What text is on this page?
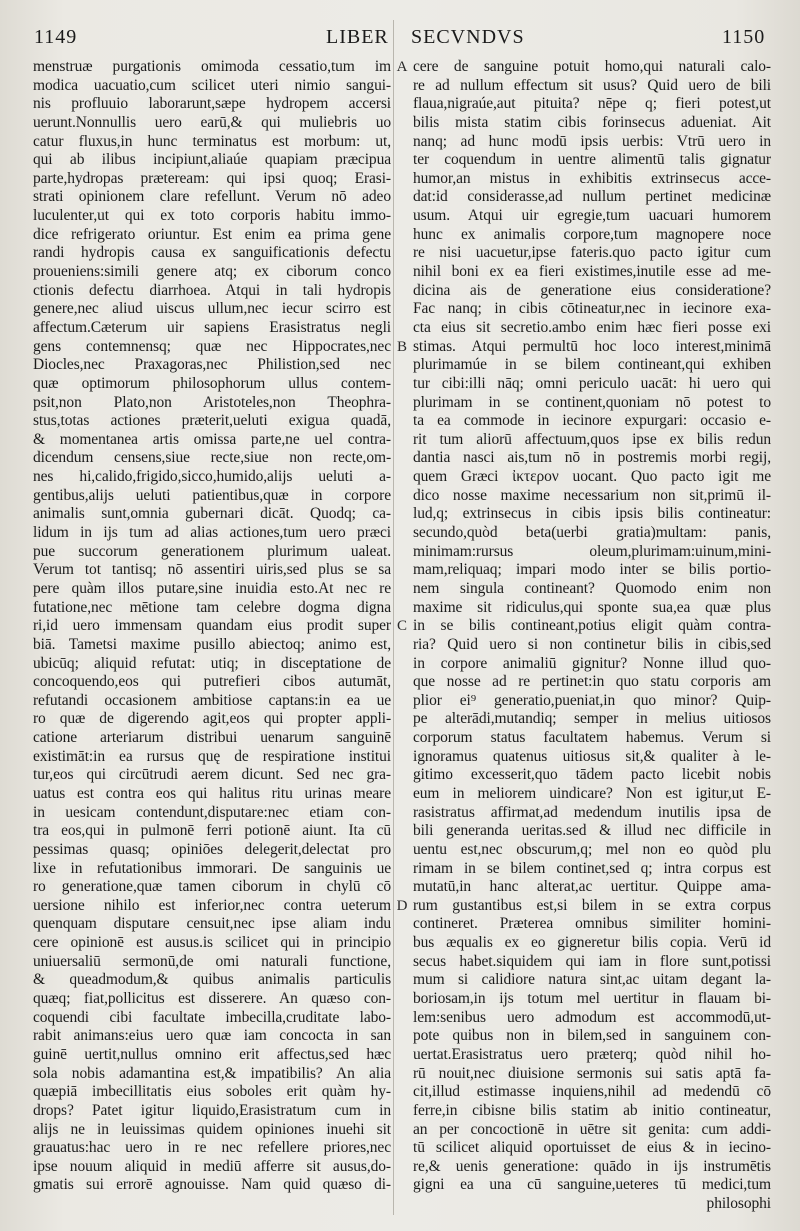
1149	LIBER SECVNDVS	1150
menstruæ purgationis omimoda cessatio,tum im
modica uacuatio,cum scilicet uteri nimio sangui-
nis profluuio laborarunt,sæpe hydropem accersi
uerunt.Nonnullis uero earū,& qui muliebris uo
catur fluxus,in hunc terminatus est morbum: ut,
qui ab ilibus incipiunt,aliaúe quapiam præcipua
parte,hydropas præteream: qui ipsi quoq; Erasi-
strati opinionem clare refellunt. Verum nō adeo
luculenter,ut qui ex toto corporis habitu immo-
dice refrigerato oriuntur. Est enim ea prima gene
randi hydropis causa ex sanguificationis defectu
proueniens:simili genere atq; ex ciborum conco
ctionis defectu diarrhoea. Atqui in tali hydropis
genere,nec aliud uiscus ullum,nec iecur scirro est
affectum.Cæterum uir sapiens Erasistratus negli
gens contemnensq; quæ nec Hippocrates,nec
Diocles,nec Praxagoras,nec Philistion,sed nec
quæ optimorum philosophorum ullus contem-
psit,non Plato,non Aristoteles,non Theophra-
stus,totas actiones præterit,ueluti exigua quadā,
& momentanea artis omissa parte,ne uel contra-
dicendum censens,siue recte,siue non recte,om-
nes hi,calido,frigido,sicco,humido,alijs ueluti a-
gentibus,alijs ueluti patientibus,quæ in corpore
animalis sunt,omnia gubernari dicāt. Quodq; ca-
lidum in ijs tum ad alias actiones,tum uero præci
pue succorum generationem plurimum ualeat.
Verum tot tantisq; nō assentiri uiris,sed plus se sa
pere quàm illos putare,sine inuidia esto.At nec re
futatione,nec mētione tam celebre dogma digna
ri,id uero immensam quandam eius prodit super
biā. Tametsi maxime pusillo abiectoq; animo est,
ubicūq; aliquid refutat: utiq; in disceptatione de
concoquendo,eos qui putrefieri cibos autumāt,
refutandi occasionem ambitiose captans:in ea ue
ro quæ de digerendo agit,eos qui propter appli-
catione arteriarum distribui uenarum sanguinē
existimāt:in ea rursus quę de respiratione institui
tur,eos qui circūtrudi aerem dicunt. Sed nec gra-
uatus est contra eos qui halitus ritu urinas meare
in uesicam contendunt,disputare:nec etiam con-
tra eos,qui in pulmonē ferri potionē aiunt. Ita cū
pessimas quasq; opiniōes delegerit,delectat pro
lixe in refutationibus immorari. De sanguinis ue
ro generatione,quæ tamen ciborum in chylū cō
uersione nihilo est inferior,nec contra ueterum
quenquam disputare censuit,nec ipse aliam indu
cere opinionē est ausus.is scilicet qui in principio
uniuersaliū sermonū,de omi naturali functione,
& queadmodum,& quibus animalis particulis
quæq; fiat,pollicitus est disserere. An quæso con-
coquendi cibi facultate imbecilla,cruditate labo-
rabit animans:eius uero quæ iam concocta in san
guinē uertit,nullus omnino erit affectus,sed hæc
sola nobis adamantina est,& impatibilis? An alia
quæpiā imbecillitatis eius soboles erit quàm hy-
drops? Patet igitur liquido,Erasistratum cum in
alijs ne in leuissimas quidem opiniones inuehi sit
grauatus:hac uero in re nec refellere priores,nec
ipse nouum aliquid in mediū afferre sit ausus,do-
gmatis sui errorē agnouisse. Nam quid quæso di-
cere de sanguine potuit homo,qui naturali calo-
re ad nullum effectum sit usus? Quid uero de bili
flaua,nigraúe,aut pituita? nēpe q; fieri potest,ut
bilis mista statim cibis forinsecus adueniat. Ait
nanq; ad hunc modū ipsis uerbis: Vtrū uero in
ter coquendum in uentre alimentū talis gignatur
humor,an mistus in exhibitis extrinsecus acce-
dat:id considerasse,ad nullum pertinet medicinæ
usum. Atqui uir egregie,tum uacuari humorem
hunc ex animalis corpore,tum magnopere noce
re nisi uacuetur,ipse fateris.quo pacto igitur cum
nihil boni ex ea fieri existimes,inutile esse ad me-
dicina ais de generatione eius consideratione?
Fac nanq; in cibis cōtineatur,nec in iecinore exa-
cta eius sit secretio.ambo enim hæc fieri posse exi
stimas. Atqui permultū hoc loco interest,minimā
plurimamúe in se bilem contineant,qui exhiben
tur cibi:illi nāq; omni periculo uacāt: hi uero qui
plurimam in se continent,quoniam nō potest to
ta ea commode in iecinore expurgari: occasio e-
rit tum aliorū affectuum,quos ipse ex bilis redun
dantia nasci ais,tum nō in postremis morbi regij,
quem Græci ἰκτερον uocant. Quo pacto igit me
dico nosse maxime necessarium non sit,primū il-
lud,q; extrinsecus in cibis ipsis bilis contineatur:
secundo,quòd beta(uerbi gratia)multam: panis,
minimam:rursus oleum,plurimam:uinum,mini-
mam,reliquaq; impari modo inter se bilis portio-
nem singula contineant? Quomodo enim non
maxime sit ridiculus,qui sponte sua,ea quæ plus
in se bilis contineant,potius eligit quàm contra-
ria? Quid uero si non continetur bilis in cibis,sed
in corpore animaliū gignitur? Nonne illud quo-
que nosse ad re pertinet:in quo statu corporis am
plior ei⁹ generatio,pueniat,in quo minor? Quip-
pe alterādi,mutandiq; semper in melius uitiosos
corporum status facultatem habemus. Verum si
ignoramus quatenus uitiosus sit,& qualiter à le-
gitimo excesserit,quo tādem pacto licebit nobis
eum in meliorem uindicare? Non est igitur,ut E-
rasistratus affirmat,ad medendum inutilis ipsa de
bili generanda ueritas.sed & illud nec difficile in
uentu est,nec obscurum,q; mel non eo quòd plu
rimam in se bilem continet,sed q; intra corpus est
mutatū,in hanc alterat,ac uertitur. Quippe ama-
rum gustantibus est,si bilem in se extra corpus
contineret. Præterea omnibus similiter homini-
bus æqualis ex eo gigneretur bilis copia. Verū id
secus habet.siquidem qui iam in flore sunt,potissi
mum si calidiore natura sint,ac uitam degant la-
boriosam,in ijs totum mel uertitur in flauam bi-
lem:senibus uero admodum est accommodū,ut-
pote quibus non in bilem,sed in sanguinem con-
uertat.Erasistratus uero præterq; quòd nihil ho-
rū nouit,nec diuisione sermonis sui satis aptā fa-
cit,illud estimasse inquiens,nihil ad medendū cō
ferre,in cibisne bilis statim ab initio contineatur,
an per concoctionē in uētre sit genita: cum addi-
tū scilicet aliquid oportuisset de eius & in iecino-
re,& uenis generatione: quādo in ijs instrumētis
gigni ea una cū sanguine,ueteres tū medici,tum
philosophi
A
B
C
D
